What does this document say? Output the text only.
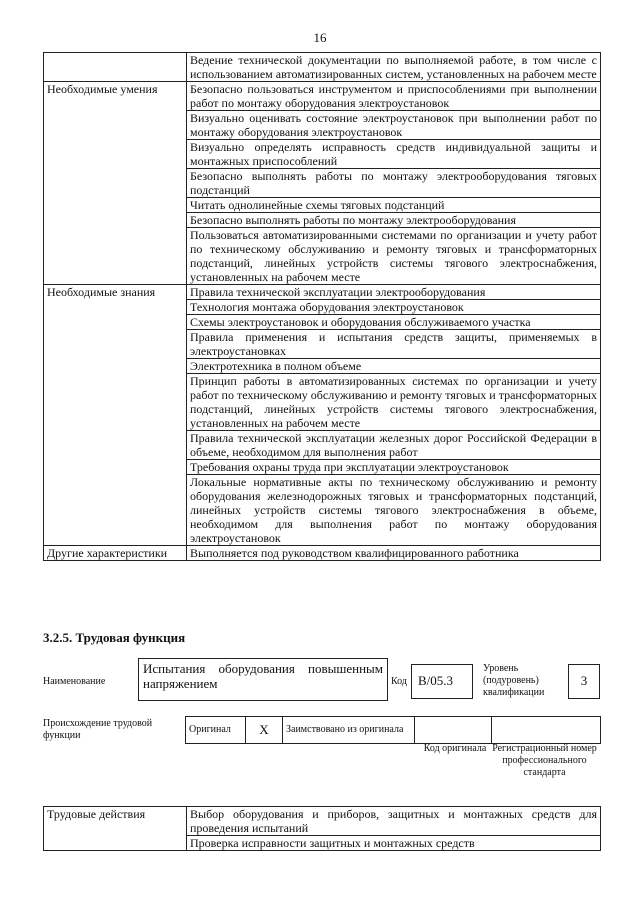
16
	Ведение технической документации по выполняемой работе, в том числе с использованием автоматизированных систем, установленных на рабочем месте
Необходимые умения	Безопасно пользоваться инструментом и приспособлениями при выполнении работ по монтажу оборудования электроустановок
	Визуально оценивать состояние электроустановок при выполнении работ по монтажу оборудования электроустановок
	Визуально определять исправность средств индивидуальной защиты и монтажных приспособлений
	Безопасно выполнять работы по монтажу электрооборудования тяговых подстанций
	Читать однолинейные схемы тяговых подстанций
	Безопасно выполнять работы по монтажу электрооборудования
	Пользоваться автоматизированными системами по организации и учету работ по техническому обслуживанию и ремонту тяговых и трансформаторных подстанций, линейных устройств системы тягового электроснабжения, установленных на рабочем месте
Необходимые знания	Правила технической эксплуатации электрооборудования
	Технология монтажа оборудования электроустановок
	Схемы электроустановок и оборудования обслуживаемого участка
	Правила применения и испытания средств защиты, применяемых в электроустановках
	Электротехника в полном объеме
	Принцип работы в автоматизированных системах по организации и учету работ по техническому обслуживанию и ремонту тяговых и трансформаторных подстанций, линейных устройств системы тягового электроснабжения, установленных на рабочем месте
	Правила технической эксплуатации железных дорог Российской Федерации в объеме, необходимом для выполнения работ
	Требования охраны труда при эксплуатации электроустановок
	Локальные нормативные акты по техническому обслуживанию и ремонту оборудования железнодорожных тяговых и трансформаторных подстанций, линейных устройств системы тягового электроснабжения в объеме, необходимом для выполнения работ по монтажу оборудования электроустановок
Другие характеристики	Выполняется под руководством квалифицированного работника
3.2.5. Трудовая функция
Наименование
Испытания оборудования повышенным напряжением	Код B/05.3
Уровень (подуровень) квалификации
3
Происхождение трудовой функции
Оригинал	X	Заимствовано из оригинала		
Код оригинала Регистрационный номер профессионального стандарта
Трудовые действия	Выбор оборудования и приборов, защитных и монтажных средств для проведения испытаний
Проверка исправности защитных и монтажных средств
